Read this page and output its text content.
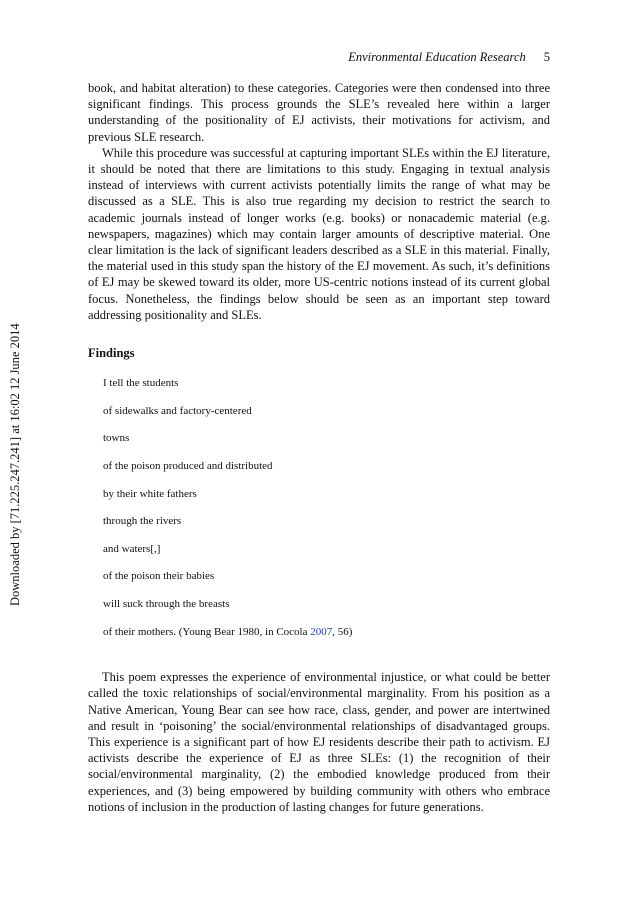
Environmental Education Research 5
Downloaded by [71.225.247.241] at 16:02 12 June 2014

book, and habitat alteration) to these categories. Categories were then condensed into three significant findings. This process grounds the SLE’s revealed here within a larger understanding of the positionality of EJ activists, their motivations for activism, and previous SLE research.

While this procedure was successful at capturing important SLEs within the EJ literature, it should be noted that there are limitations to this study. Engaging in textual analysis instead of interviews with current activists potentially limits the range of what may be discussed as a SLE. This is also true regarding my decision to restrict the search to academic journals instead of longer works (e.g. books) or nonacademic material (e.g. newspapers, magazines) which may contain larger amounts of descriptive material. One clear limitation is the lack of significant leaders described as a SLE in this material. Finally, the material used in this study span the history of the EJ movement. As such, it’s definitions of EJ may be skewed toward its older, more US-centric notions instead of its current global focus. Nonetheless, the findings below should be seen as an important step toward addressing positionality and SLEs.

Findings
I tell the students
of sidewalks and factory-centered
towns
of the poison produced and distributed
by their white fathers
through the rivers
and waters[,]
of the poison their babies
will suck through the breasts
of their mothers. (Young Bear 1980, in Cocola 2007, 56)

This poem expresses the experience of environmental injustice, or what could be better called the toxic relationships of social/environmental marginality. From his position as a Native American, Young Bear can see how race, class, gender, and power are intertwined and result in ‘poisoning’ the social/environmental relationships of disadvantaged groups. This experience is a significant part of how EJ residents describe their path to activism. EJ activists describe the experience of EJ as three SLEs: (1) the recognition of their social/environmental marginality, (2) the embodied knowledge produced from their experiences, and (3) being empowered by building community with others who embrace notions of inclusion in the production of lasting changes for future generations.
